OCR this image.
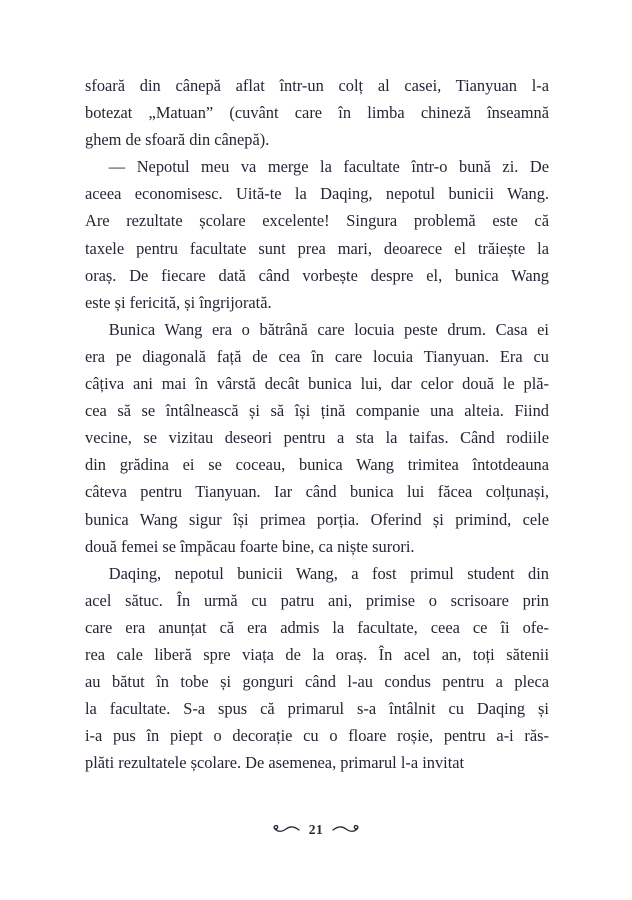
sfoară din cânepă aflat într-un colț al casei, Tianyuan l-a
botezat „Matuan” (cuvânt care în limba chineză înseamnă
ghem de sfoară din cânepă).
— Nepotul meu va merge la facultate într-o bună zi. De
aceea economisesc. Uită-te la Daqing, nepotul bunicii Wang.
Are rezultate școlare excelente! Singura problemă este că
taxele pentru facultate sunt prea mari, deoarece el trăiește la
oraș. De fiecare dată când vorbește despre el, bunica Wang
este și fericită, și îngrijorată.
Bunica Wang era o bătrână care locuia peste drum. Casa ei
era pe diagonală față de cea în care locuia Tianyuan. Era cu
câțiva ani mai în vârstă decât bunica lui, dar celor două le plă-
cea să se întâlnească și să își țină companie una alteia. Fiind
vecine, se vizitau deseori pentru a sta la taifas. Când rodiile
din grădina ei se coceau, bunica Wang trimitea întotdeauna
câteva pentru Tianyuan. Iar când bunica lui făcea colțunași,
bunica Wang sigur își primea porția. Oferind și primind, cele
două femei se împăcau foarte bine, ca niște surori.
Daqing, nepotul bunicii Wang, a fost primul student din
acel sătuc. În urmă cu patru ani, primise o scrisoare prin
care era anunțat că era admis la facultate, ceea ce îi ofe-
rea cale liberă spre viața de la oraș. În acel an, toți sătenii
au bătut în tobe și gonguri când l-au condus pentru a pleca
la facultate. S-a spus că primarul s-a întâlnit cu Daqing și
i-a pus în piept o decorație cu o floare roșie, pentru a-i răs-
plăti rezultatele școlare. De asemenea, primarul l-a invitat
21
